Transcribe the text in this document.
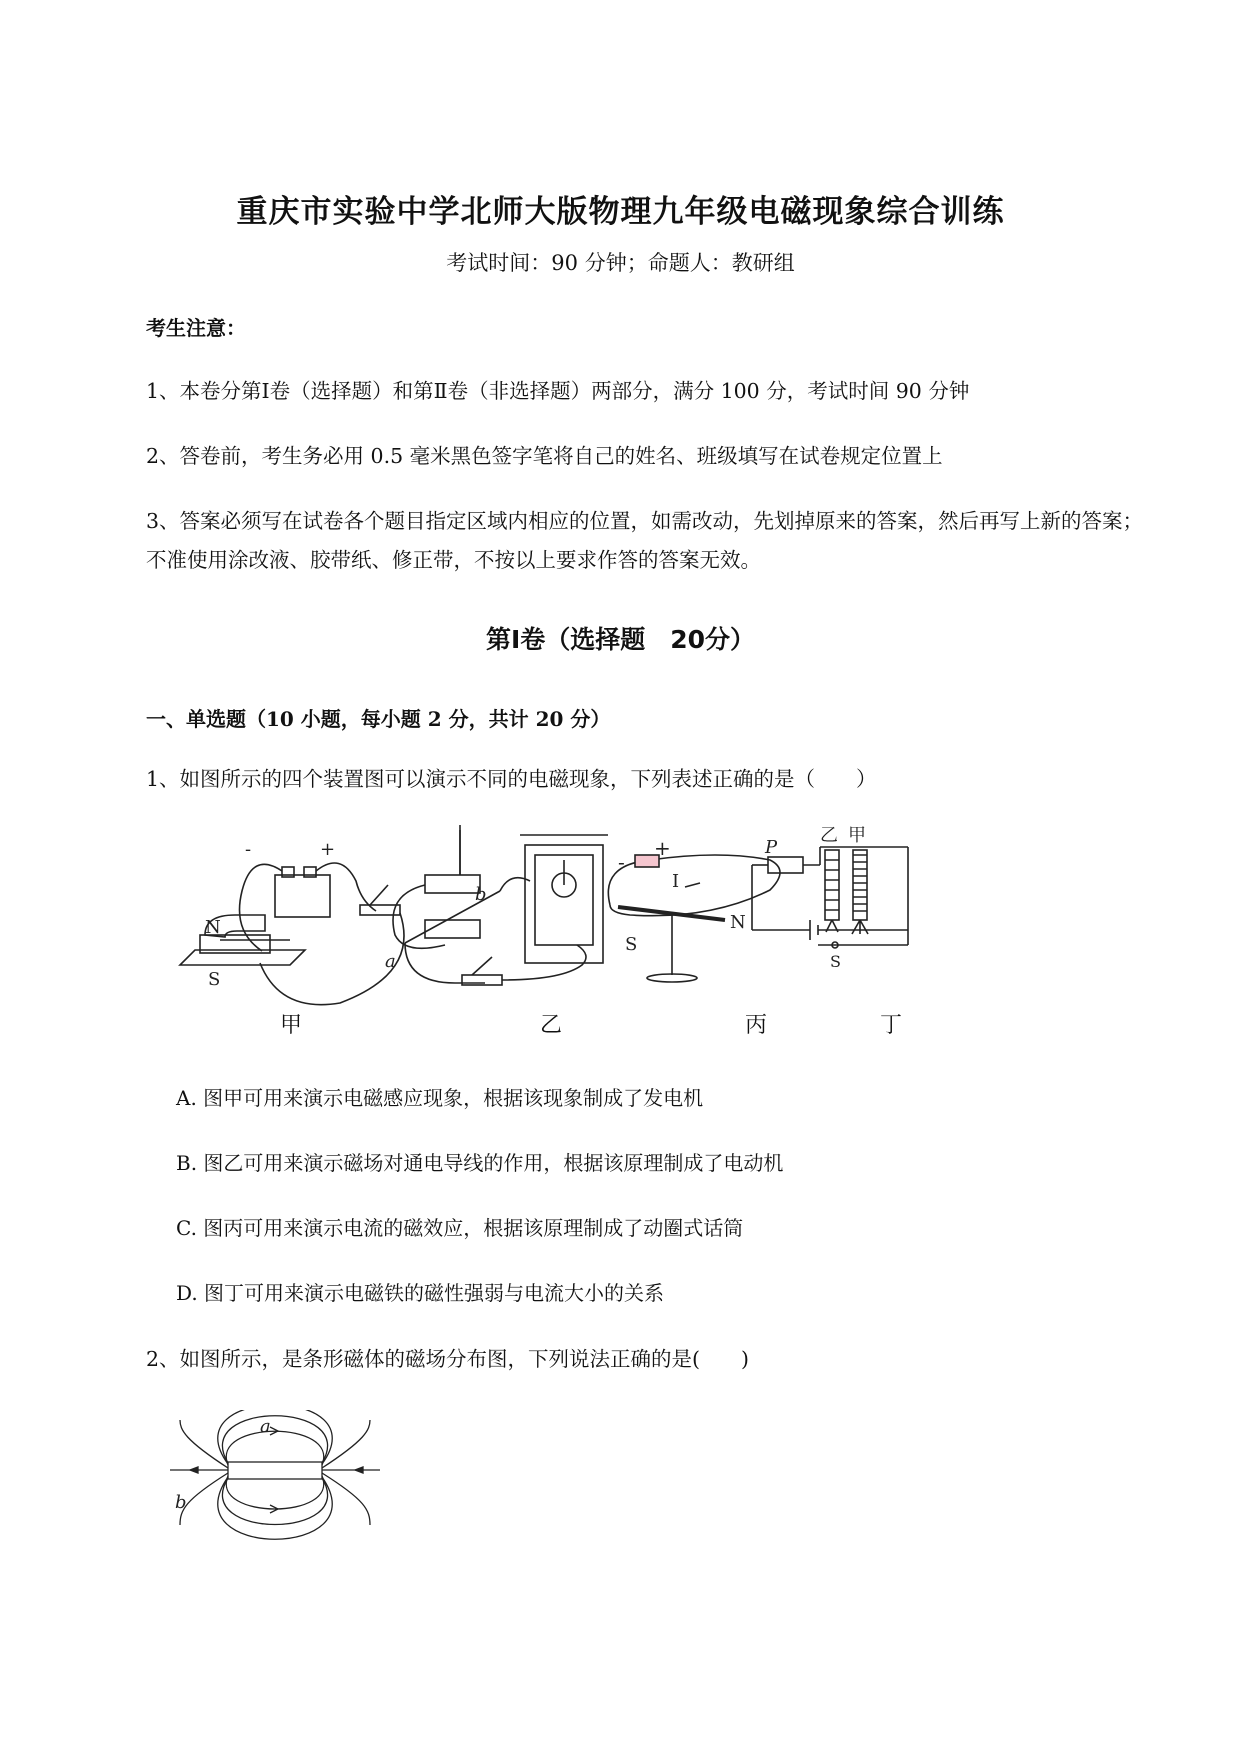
重庆市实验中学北师大版物理九年级电磁现象综合训练
考试时间：90 分钟；命题人：教研组
考生注意：
1、本卷分第Ⅰ卷（选择题）和第Ⅱ卷（非选择题）两部分，满分 100 分，考试时间 90 分钟
2、答卷前，考生务必用 0.5 毫米黑色签字笔将自己的姓名、班级填写在试卷规定位置上
3、答案必须写在试卷各个题目指定区域内相应的位置，如需改动，先划掉原来的答案，然后再写上新的答案；不准使用涂改液、胶带纸、修正带，不按以上要求作答的答案无效。
第Ⅰ卷（选择题　20分）
一、单选题（10 小题，每小题 2 分，共计 20 分）
1、如图所示的四个装置图可以演示不同的电磁现象，下列表述正确的是（　　）
N
S
-	+
a
b
-
+
I
S
N
P
乙 甲
S
甲	乙	丙	丁
A. 图甲可用来演示电磁感应现象，根据该现象制成了发电机
B. 图乙可用来演示磁场对通电导线的作用，根据该原理制成了电动机
C. 图丙可用来演示电流的磁效应，根据该原理制成了动圈式话筒
D. 图丁可用来演示电磁铁的磁性强弱与电流大小的关系
2、如图所示，是条形磁体的磁场分布图，下列说法正确的是(　　)
a
b
